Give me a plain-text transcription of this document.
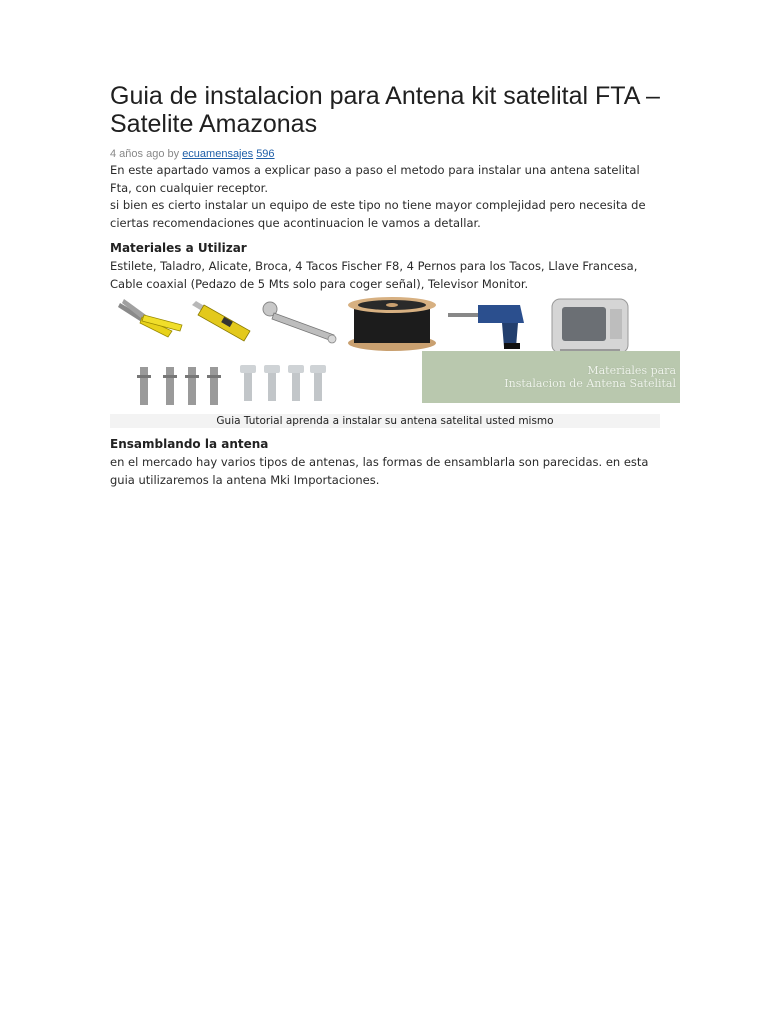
Guia de instalacion para Antena kit satelital FTA – Satelite Amazonas
4 años ago by ecuamensajes 596

En este apartado vamos a explicar paso a paso el metodo para instalar una antena satelital Fta, con cualquier receptor.

si bien es cierto instalar un equipo de este tipo no tiene mayor complejidad pero necesita de ciertas recomendaciones que acontinuacion le vamos a detallar.

Materiales a Utilizar

Estilete, Taladro, Alicate, Broca, 4 Tacos Fischer F8, 4 Pernos para los Tacos, Llave Francesa, Cable coaxial (Pedazo de 5 Mts solo para coger señal), Televisor Monitor.

Materiales para
Instalacion de Antena Satelital
Guia Tutorial aprenda a instalar su antena satelital usted mismo
Ensamblando la antena

en el mercado hay varios tipos de antenas, las formas de ensamblarla son parecidas. en esta guia utilizaremos la antena Mki Importaciones.
